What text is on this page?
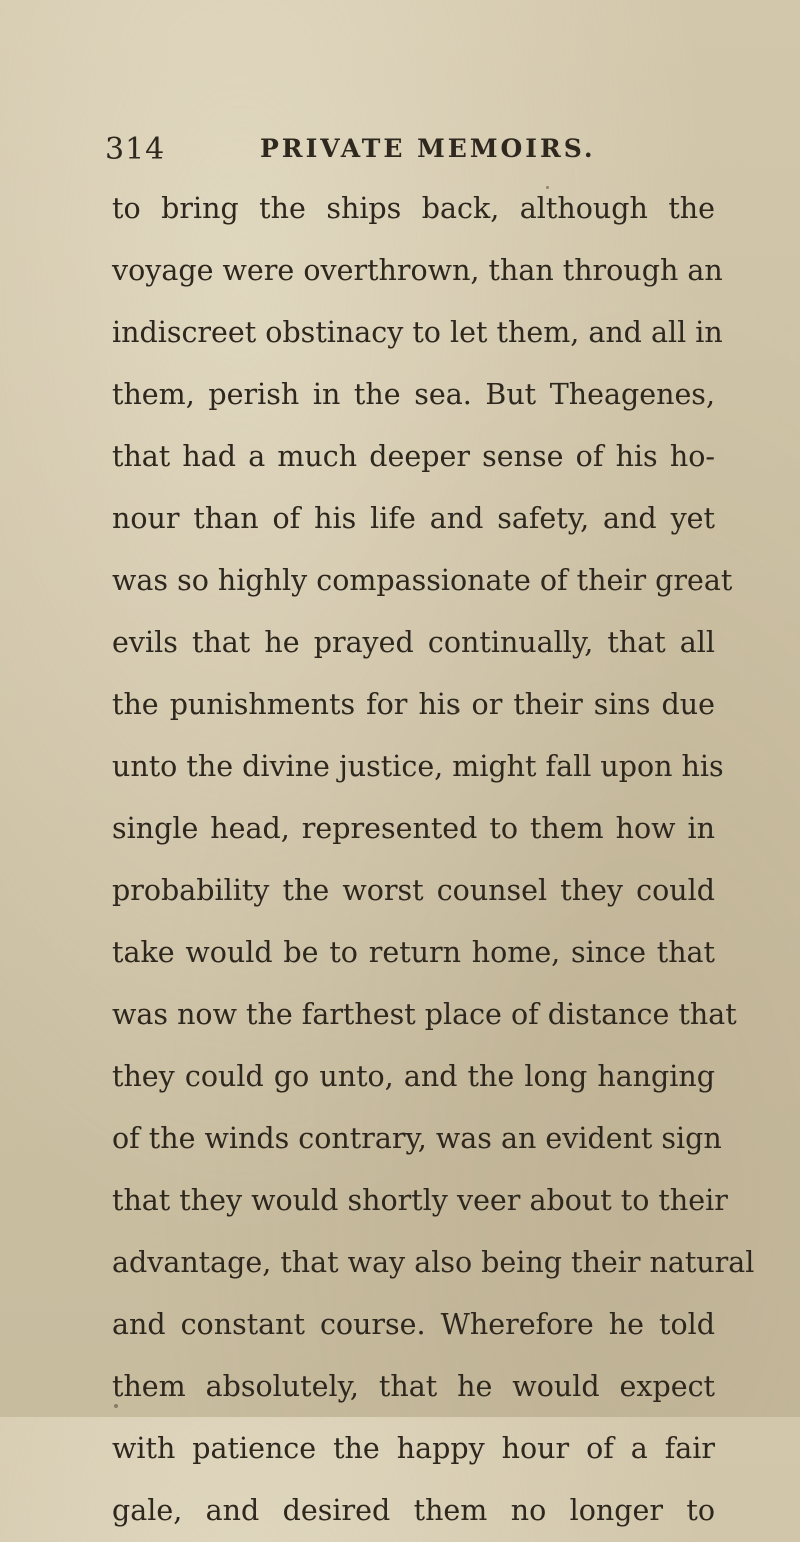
314	PRIVATE MEMOIRS.
to bring the ships back, although the
voyage were overthrown, than through an
indiscreet obstinacy to let them, and all in
them, perish in the sea. But Theagenes,
that had a much deeper sense of his ho-
nour than of his life and safety, and yet
was so highly compassionate of their great
evils that he prayed continually, that all
the punishments for his or their sins due
unto the divine justice, might fall upon his
single head, represented to them how in
probability the worst counsel they could
take would be to return home, since that
was now the farthest place of distance that
they could go unto, and the long hanging
of the winds contrary, was an evident sign
that they would shortly veer about to their
advantage, that way also being their natural
and constant course. Wherefore he told
them absolutely, that he would expect
with patience the happy hour of a fair
gale, and desired them no longer to
